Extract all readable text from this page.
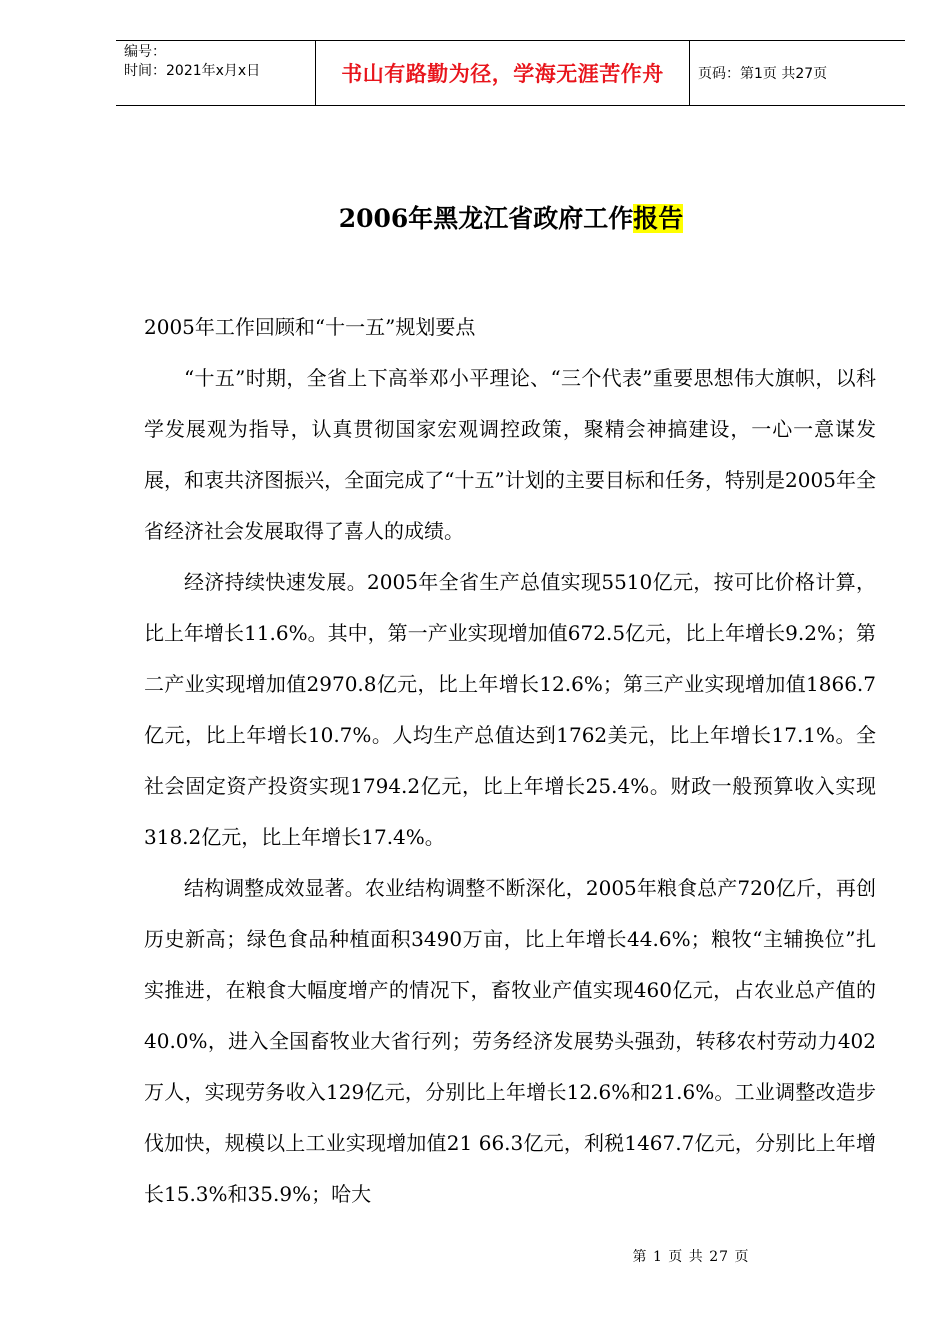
编号：
时间：2021年x月x日	书山有路勤为径，学海无涯苦作舟 页码：第1页 共27页
2006年黑龙江省政府工作报告

2005年工作回顾和“十一五”规划要点

“十五”时期，全省上下高举邓小平理论、“三个代表”重要思想伟大旗帜，以科学发展观为指导，认真贯彻国家宏观调控政策，聚精会神搞建设，一心一意谋发展，和衷共济图振兴，全面完成了“十五”计划的主要目标和任务，特别是2005年全省经济社会发展取得了喜人的成绩。

经济持续快速发展。2005年全省生产总值实现5510亿元，按可比价格计算，比上年增长11.6%。其中，第一产业实现增加值672.5亿元，比上年增长9.2%；第二产业实现增加值2970.8亿元，比上年增长12.6%；第三产业实现增加值1866.7亿元，比上年增长10.7%。人均生产总值达到1762美元，比上年增长17.1%。全社会固定资产投资实现1794.2亿元，比上年增长25.4%。财政一般预算收入实现318.2亿元，比上年增长17.4%。

结构调整成效显著。农业结构调整不断深化，2005年粮食总产720亿斤，再创历史新高；绿色食品种植面积3490万亩，比上年增长44.6%；粮牧“主辅换位”扎实推进，在粮食大幅度增产的情况下，畜牧业产值实现460亿元，占农业总产值的40.0%，进入全国畜牧业大省行列；劳务经济发展势头强劲，转移农村劳动力402万人，实现劳务收入129亿元，分别比上年增长12.6%和21.6%。工业调整改造步伐加快，规模以上工业实现增加值21 66.3亿元，利税1467.7亿元，分别比上年增长15.3%和35.9%；哈大

第 1 页 共 27 页
